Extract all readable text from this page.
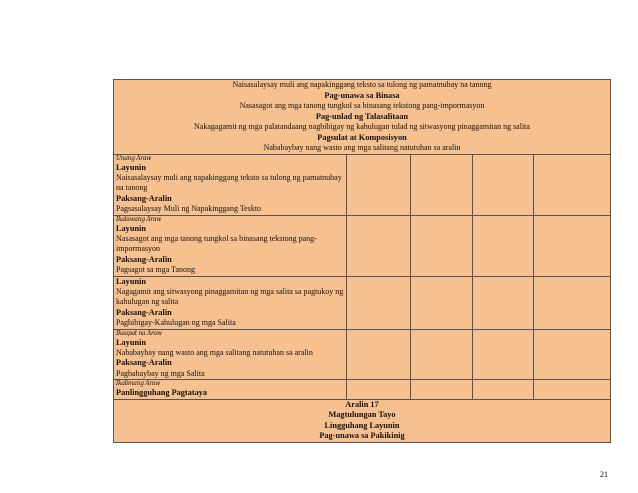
Naisasalaysay muli ang napakinggang teksto sa tulong ng pamatnubay na tanong
Pag-unawa sa Binasa
Nasasagot ang mga tanong tungkol sa binasang tekstong pang-impormasyon
Pag-unlad ng Talasalitaan
Nakagagamit ng mga palatandaang nagbibigay ng kahulugan tulad ng sitwasyong pinaggamitan ng salita
Pagsulat at Komposisyon
Nababaybay nang wasto ang mga salitang natutuhan sa aralin
Unang Araw
Layunin
Naisasalaysay muli ang napakinggang teksto sa tulong ng pamatnubay na tanong
Paksang-Aralin
Pagsasalaysay Muli ng Napakinggang Teskto
Ikalawang Araw
Layunin
Nasasagot ang mga tanong tungkol sa binasang tekstong pang-impormasyon
Paksang-Aralin
Pagsagot sa mga Tanong
Layunin
Nagagamit ang sitwasyong pinaggamitan ng mga salita sa pagtukoy ng kahulugan ng salita
Paksang-Aralin
Pagbibigay-Kahulugan ng mga Salita
Ikaapat na Araw
Layunin
Nababaybay nang wasto ang mga salitang natutuhan sa aralin
Paksang-Aralin
Pagbabaybay ng mga Salita
Ikalimang Araw
Panlingguhang Pagtataya
Aralin 17
Magtulungan Tayo
Lingguhang Layunin
Pag-unawa sa Pakikinig
21
